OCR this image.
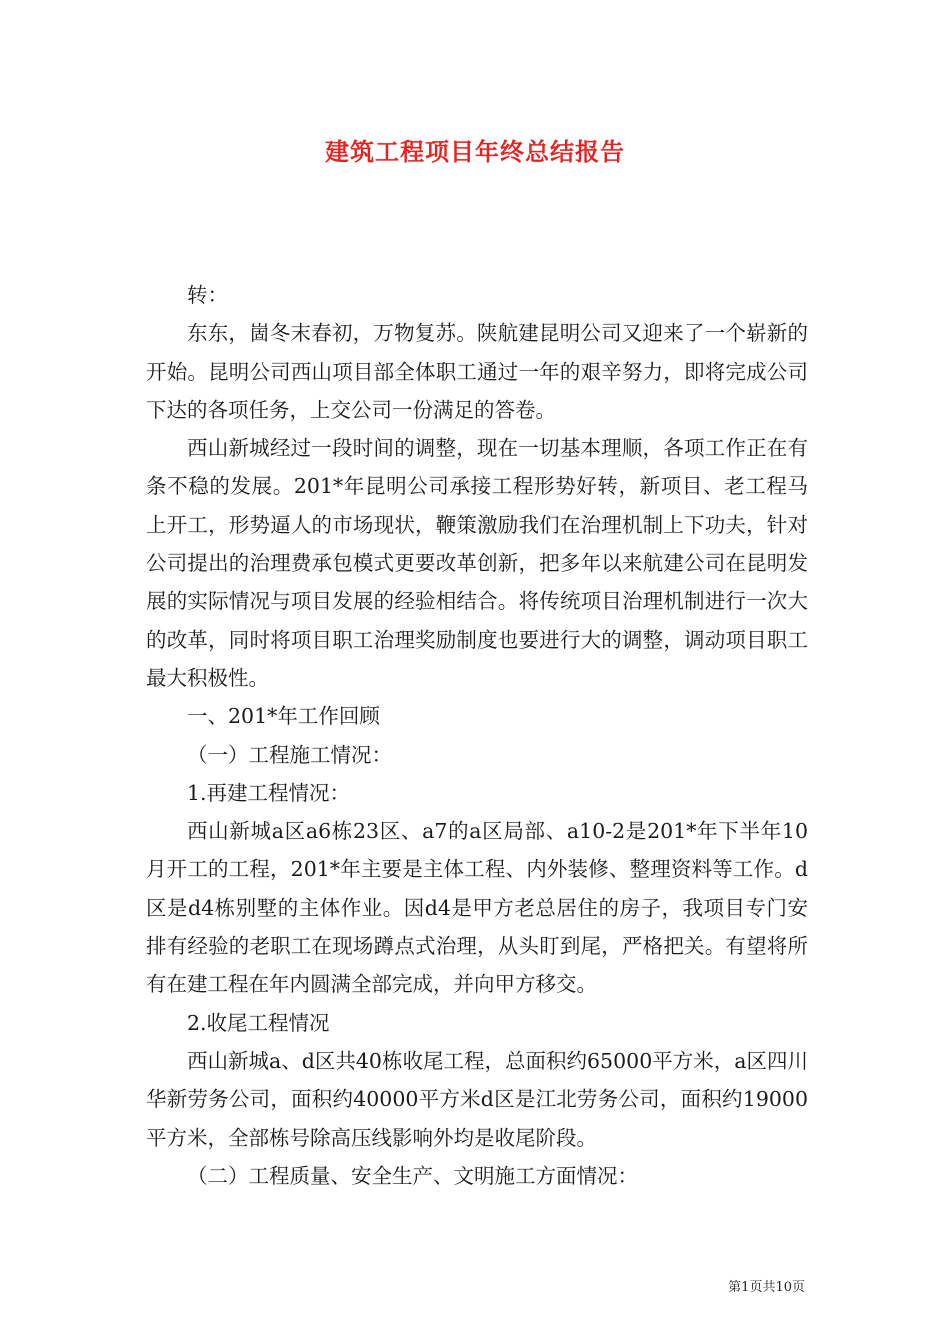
建筑工程项目年终总结报告

转：

东东，崮冬末春初，万物复苏。陕航建昆明公司又迎来了一个崭新的开始。昆明公司西山项目部全体职工通过一年的艰辛努力，即将完成公司下达的各项任务，上交公司一份满足的答卷。

西山新城经过一段时间的调整，现在一切基本理顺，各项工作正在有条不稳的发展。201*年昆明公司承接工程形势好转，新项目、老工程马上开工，形势逼人的市场现状，鞭策激励我们在治理机制上下功夫，针对公司提出的治理费承包模式更要改革创新，把多年以来航建公司在昆明发展的实际情况与项目发展的经验相结合。将传统项目治理机制进行一次大的改革，同时将项目职工治理奖励制度也要进行大的调整，调动项目职工最大积极性。

一、201*年工作回顾

（一）工程施工情况：

1.再建工程情况：

西山新城a区a6栋23区、a7的a区局部、a10-2是201*年下半年10月开工的工程，201*年主要是主体工程、内外装修、整理资料等工作。d区是d4栋别墅的主体作业。因d4是甲方老总居住的房子，我项目专门安排有经验的老职工在现场蹲点式治理，从头盯到尾，严格把关。有望将所有在建工程在年内圆满全部完成，并向甲方移交。

2.收尾工程情况

西山新城a、d区共40栋收尾工程，总面积约65000平方米，a区四川华新劳务公司，面积约40000平方米d区是江北劳务公司，面积约19000平方米，全部栋号除高压线影响外均是收尾阶段。

（二）工程质量、安全生产、文明施工方面情况：

第1页共10页
